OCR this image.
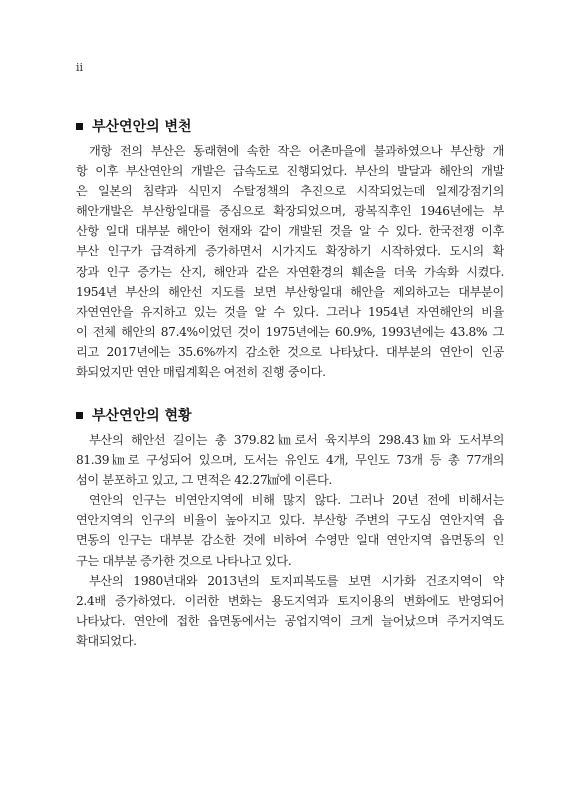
ii
부산연안의 변천
개항 전의 부산은 동래현에 속한 작은 어촌마을에 불과하였으나 부산항 개
항 이후 부산연안의 개발은 급속도로 진행되었다. 부산의 발달과 해안의 개발
은 일본의 침략과 식민지 수탈정책의 추진으로 시작되었는데 일제강점기의
해안개발은 부산항일대를 중심으로 확장되었으며, 광복직후인 1946년에는 부
산항 일대 대부분 해안이 현재와 같이 개발된 것을 알 수 있다. 한국전쟁 이후
부산 인구가 급격하게 증가하면서 시가지도 확장하기 시작하였다. 도시의 확
장과 인구 증가는 산지, 해안과 같은 자연환경의 훼손을 더욱 가속화 시켰다.
1954년 부산의 해안선 지도를 보면 부산항일대 해안을 제외하고는 대부분이
자연연안을 유지하고 있는 것을 알 수 있다. 그러나 1954년 자연해안의 비율
이 전체 해안의 87.4%이었던 것이 1975년에는 60.9%, 1993년에는 43.8% 그
리고 2017년에는 35.6%까지 감소한 것으로 나타났다. 대부분의 연안이 인공
화되었지만 연안 매립계획은 여전히 진행 중이다.
부산연안의 현황
부산의 해안선 길이는 총 379.82㎞로서 육지부의 298.43㎞와 도서부의
81.39㎞로 구성되어 있으며, 도서는 유인도 4개, 무인도 73개 등 총 77개의
섬이 분포하고 있고, 그 면적은 42.27㎢에 이른다.
연안의 인구는 비연안지역에 비해 많지 않다. 그러나 20년 전에 비해서는
연안지역의 인구의 비율이 높아지고 있다. 부산항 주변의 구도심 연안지역 읍
면동의 인구는 대부분 감소한 것에 비하여 수영만 일대 연안지역 읍면동의 인
구는 대부분 증가한 것으로 나타나고 있다.
부산의 1980년대와 2013년의 토지피복도를 보면 시가화 건조지역이 약
2.4배 증가하였다. 이러한 변화는 용도지역과 토지이용의 변화에도 반영되어
나타났다. 연안에 접한 읍면동에서는 공업지역이 크게 늘어났으며 주거지역도
확대되었다.
